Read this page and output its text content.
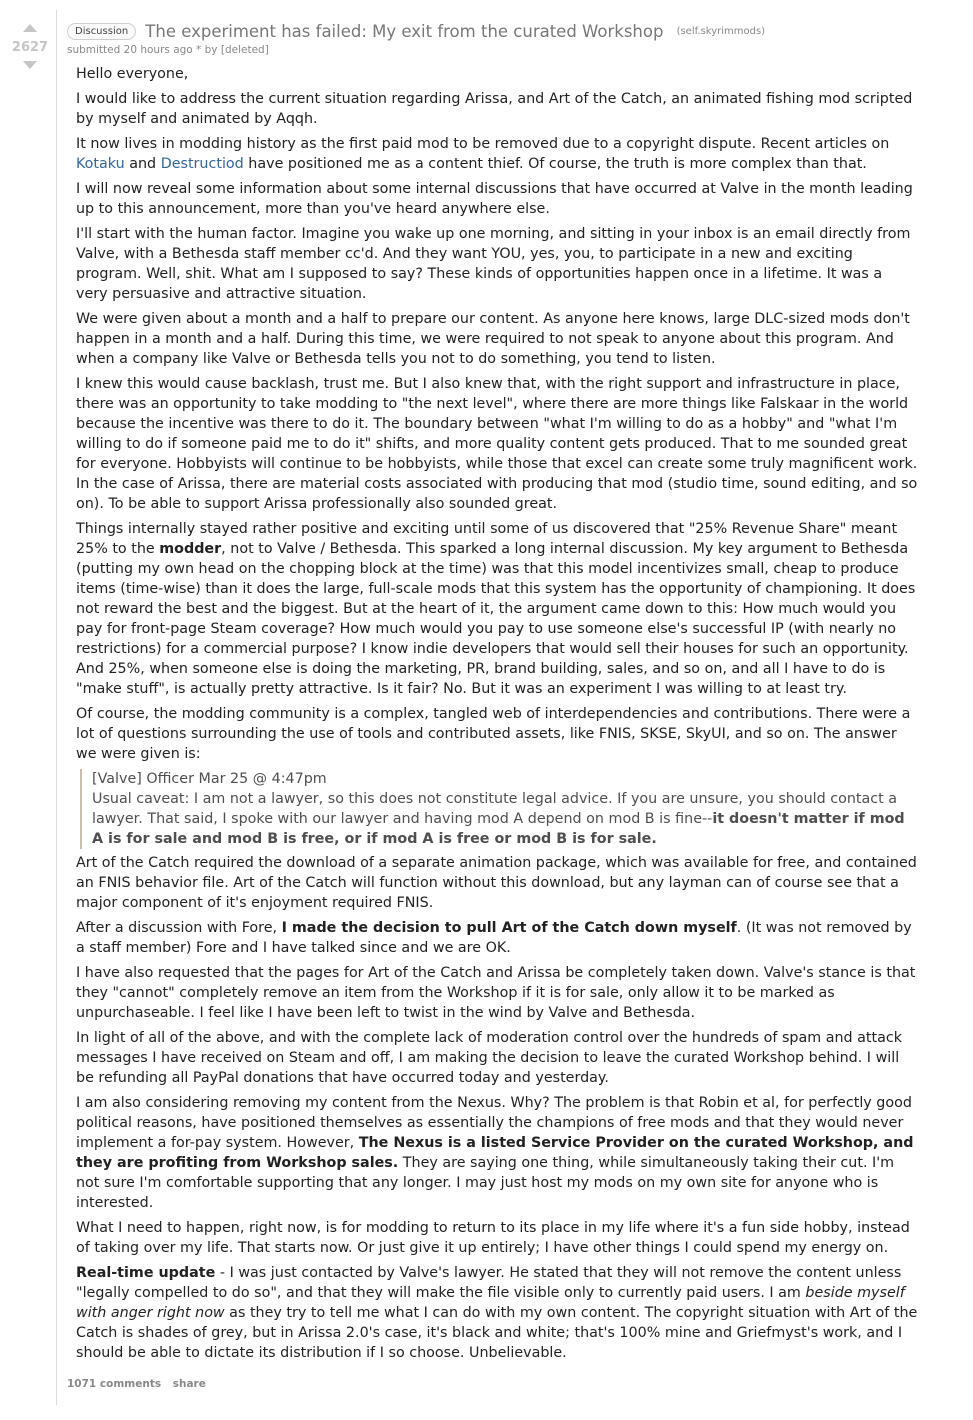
2627
Discussion The experiment has failed: My exit from the curated Workshop (self.skyrimmods)
submitted 20 hours ago * by [deleted]

Hello everyone,

I would like to address the current situation regarding Arissa, and Art of the Catch, an animated fishing mod scripted by myself and animated by Aqqh.

It now lives in modding history as the first paid mod to be removed due to a copyright dispute. Recent articles on Kotaku and Destructiod have positioned me as a content thief. Of course, the truth is more complex than that.

I will now reveal some information about some internal discussions that have occurred at Valve in the month leading up to this announcement, more than you've heard anywhere else.

I'll start with the human factor. Imagine you wake up one morning, and sitting in your inbox is an email directly from Valve, with a Bethesda staff member cc'd. And they want YOU, yes, you, to participate in a new and exciting program. Well, shit. What am I supposed to say? These kinds of opportunities happen once in a lifetime. It was a very persuasive and attractive situation.

We were given about a month and a half to prepare our content. As anyone here knows, large DLC-sized mods don't happen in a month and a half. During this time, we were required to not speak to anyone about this program. And when a company like Valve or Bethesda tells you not to do something, you tend to listen.

I knew this would cause backlash, trust me. But I also knew that, with the right support and infrastructure in place, there was an opportunity to take modding to "the next level", where there are more things like Falskaar in the world because the incentive was there to do it. The boundary between "what I'm willing to do as a hobby" and "what I'm willing to do if someone paid me to do it" shifts, and more quality content gets produced. That to me sounded great for everyone. Hobbyists will continue to be hobbyists, while those that excel can create some truly magnificent work. In the case of Arissa, there are material costs associated with producing that mod (studio time, sound editing, and so on). To be able to support Arissa professionally also sounded great.

Things internally stayed rather positive and exciting until some of us discovered that "25% Revenue Share" meant 25% to the modder, not to Valve / Bethesda. This sparked a long internal discussion. My key argument to Bethesda (putting my own head on the chopping block at the time) was that this model incentivizes small, cheap to produce items (time-wise) than it does the large, full-scale mods that this system has the opportunity of championing. It does not reward the best and the biggest. But at the heart of it, the argument came down to this: How much would you pay for front-page Steam coverage? How much would you pay to use someone else's successful IP (with nearly no restrictions) for a commercial purpose? I know indie developers that would sell their houses for such an opportunity. And 25%, when someone else is doing the marketing, PR, brand building, sales, and so on, and all I have to do is "make stuff", is actually pretty attractive. Is it fair? No. But it was an experiment I was willing to at least try.

Of course, the modding community is a complex, tangled web of interdependencies and contributions. There were a lot of questions surrounding the use of tools and contributed assets, like FNIS, SKSE, SkyUI, and so on. The answer we were given is:

[Valve] Officer Mar 25 @ 4:47pm

Usual caveat: I am not a lawyer, so this does not constitute legal advice. If you are unsure, you should contact a lawyer. That said, I spoke with our lawyer and having mod A depend on mod B is fine--it doesn't matter if mod A is for sale and mod B is free, or if mod A is free or mod B is for sale.

Art of the Catch required the download of a separate animation package, which was available for free, and contained an FNIS behavior file. Art of the Catch will function without this download, but any layman can of course see that a major component of it's enjoyment required FNIS.

After a discussion with Fore, I made the decision to pull Art of the Catch down myself. (It was not removed by a staff member) Fore and I have talked since and we are OK.

I have also requested that the pages for Art of the Catch and Arissa be completely taken down. Valve's stance is that they "cannot" completely remove an item from the Workshop if it is for sale, only allow it to be marked as unpurchaseable. I feel like I have been left to twist in the wind by Valve and Bethesda.

In light of all of the above, and with the complete lack of moderation control over the hundreds of spam and attack messages I have received on Steam and off, I am making the decision to leave the curated Workshop behind. I will be refunding all PayPal donations that have occurred today and yesterday.

I am also considering removing my content from the Nexus. Why? The problem is that Robin et al, for perfectly good political reasons, have positioned themselves as essentially the champions of free mods and that they would never implement a for-pay system. However, The Nexus is a listed Service Provider on the curated Workshop, and they are profiting from Workshop sales. They are saying one thing, while simultaneously taking their cut. I'm not sure I'm comfortable supporting that any longer. I may just host my mods on my own site for anyone who is interested.

What I need to happen, right now, is for modding to return to its place in my life where it's a fun side hobby, instead of taking over my life. That starts now. Or just give it up entirely; I have other things I could spend my energy on.

Real-time update - I was just contacted by Valve's lawyer. He stated that they will not remove the content unless "legally compelled to do so", and that they will make the file visible only to currently paid users. I am beside myself with anger right now as they try to tell me what I can do with my own content. The copyright situation with Art of the Catch is shades of grey, but in Arissa 2.0's case, it's black and white; that's 100% mine and Griefmyst's work, and I should be able to dictate its distribution if I so choose. Unbelievable.

1071 comments share
